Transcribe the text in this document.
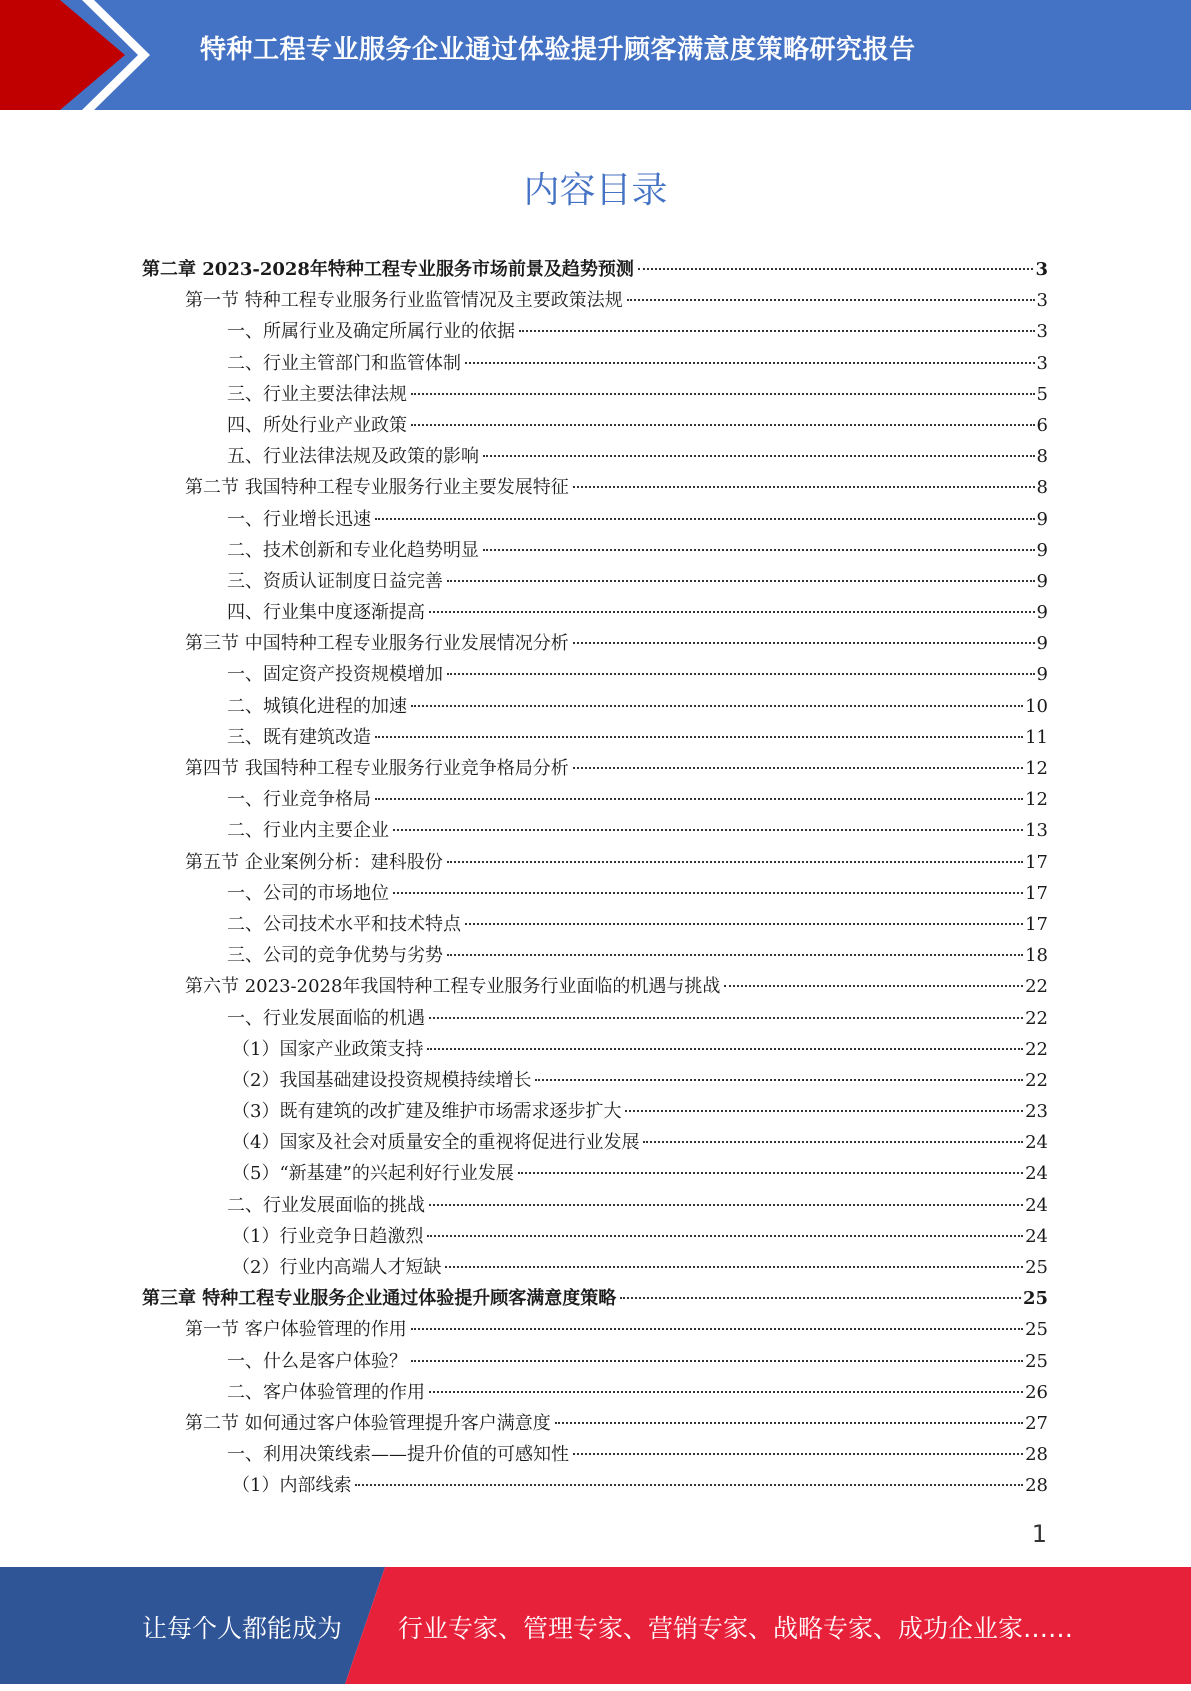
特种工程专业服务企业通过体验提升顾客满意度策略研究报告
内容目录
第二章 2023-2028年特种工程专业服务市场前景及趋势预测	3
第一节 特种工程专业服务行业监管情况及主要政策法规	3
一、所属行业及确定所属行业的依据	3
二、行业主管部门和监管体制	3
三、行业主要法律法规	5
四、所处行业产业政策	6
五、行业法律法规及政策的影响	8
第二节 我国特种工程专业服务行业主要发展特征	8
一、行业增长迅速	9
二、技术创新和专业化趋势明显	9
三、资质认证制度日益完善	9
四、行业集中度逐渐提高	9
第三节 中国特种工程专业服务行业发展情况分析	9
一、固定资产投资规模增加	9
二、城镇化进程的加速	10
三、既有建筑改造	11
第四节 我国特种工程专业服务行业竞争格局分析	12
一、行业竞争格局	12
二、行业内主要企业	13
第五节 企业案例分析：建科股份	17
一、公司的市场地位	17
二、公司技术水平和技术特点	17
三、公司的竞争优势与劣势	18
第六节 2023-2028年我国特种工程专业服务行业面临的机遇与挑战	22
一、行业发展面临的机遇	22
（1）国家产业政策支持	22
（2）我国基础建设投资规模持续增长	22
（3）既有建筑的改扩建及维护市场需求逐步扩大	23
（4）国家及社会对质量安全的重视将促进行业发展	24
（5）“新基建”的兴起利好行业发展	24
二、行业发展面临的挑战	24
（1）行业竞争日趋激烈	24
（2）行业内高端人才短缺	25
第三章 特种工程专业服务企业通过体验提升顾客满意度策略	25
第一节 客户体验管理的作用	25
一、什么是客户体验？	25
二、客户体验管理的作用	26
第二节 如何通过客户体验管理提升客户满意度	27
一、利用决策线索——提升价值的可感知性	28
（1）内部线索	28
1
让每个人都能成为 行业专家、管理专家、营销专家、战略专家、成功企业家……
